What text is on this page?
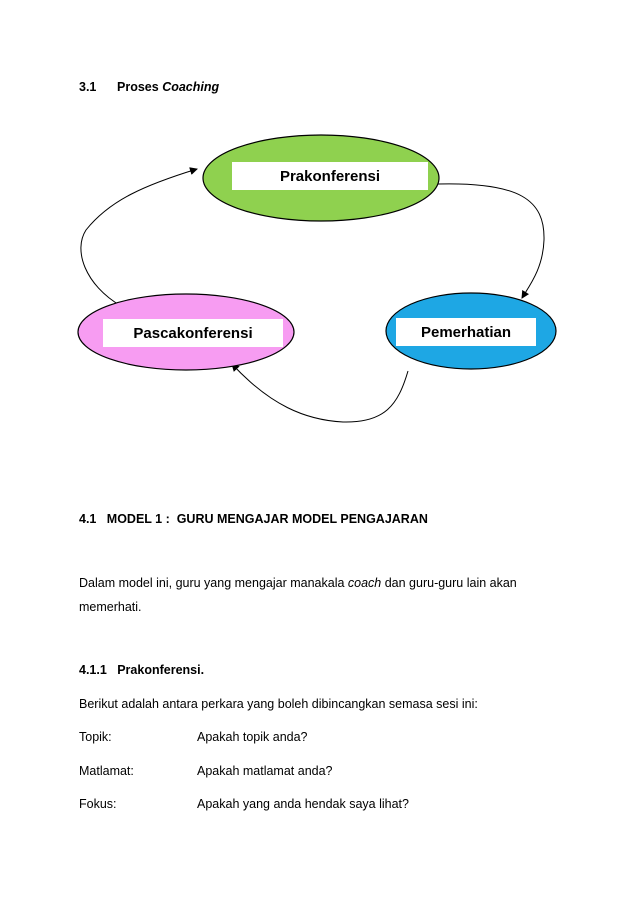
3.1 Proses Coaching
Prakonferensi
Pemerhatian
Pascakonferensi
4.1   MODEL 1 :  GURU MENGAJAR MODEL PENGAJARAN
Dalam model ini, guru yang mengajar manakala coach dan guru-guru lain akan
memerhati.
4.1.1   Prakonferensi.
Berikut adalah antara perkara yang boleh dibincangkan semasa sesi ini:
Topik:	Apakah topik anda?
Matlamat:	Apakah matlamat anda?
Fokus:	Apakah yang anda hendak saya lihat?
